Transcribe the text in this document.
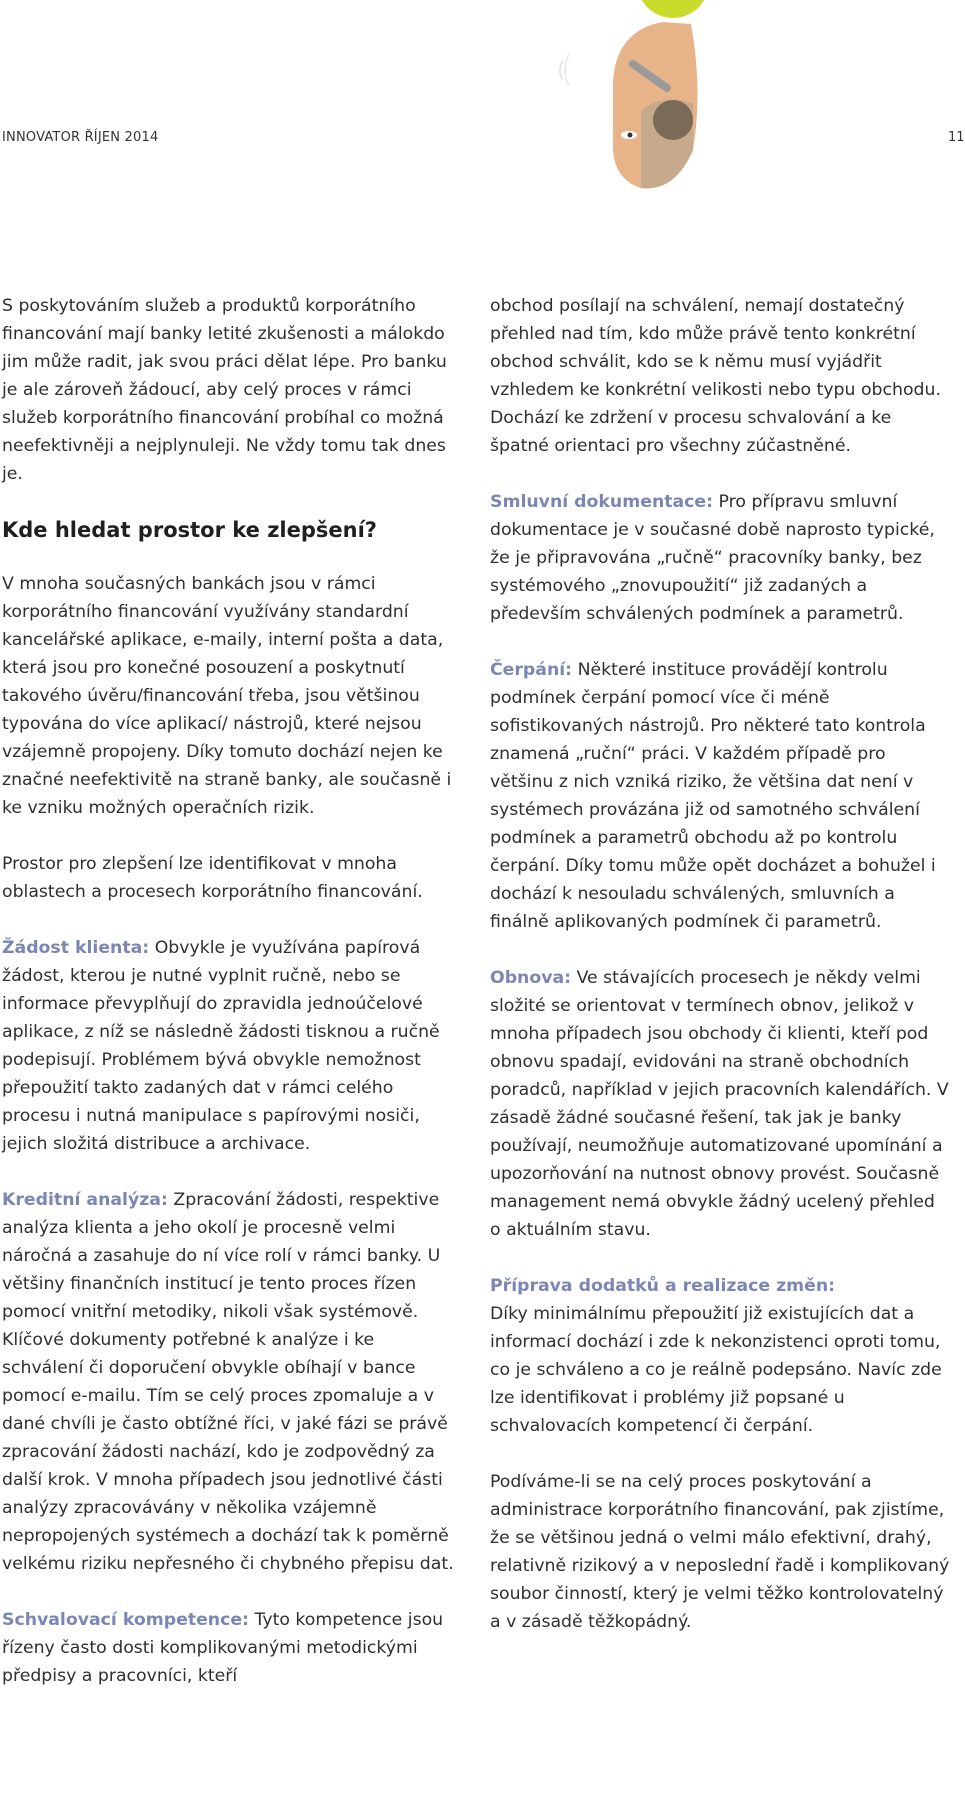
INNOVATOR ŘÍJEN 2014	11

S poskytováním služeb a produktů korporátního financování mají banky letité zkušenosti a málokdo jim může radit, jak svou práci dělat lépe. Pro banku je ale zároveň žádoucí, aby celý proces v rámci služeb korporátního financování probíhal co možná neefektivněji a nejplynuleji. Ne vždy tomu tak dnes je.

Kde hledat prostor ke zlepšení?

V mnoha současných bankách jsou v rámci korporátního financování využívány standardní kancelářské aplikace, e-maily, interní pošta a data, která jsou pro konečné posouzení a poskytnutí takového úvěru/financování třeba, jsou většinou typována do více aplikací/ nástrojů, které nejsou vzájemně propojeny. Díky tomuto dochází nejen ke značné neefektivitě na straně banky, ale současně i ke vzniku možných operačních rizik.

Prostor pro zlepšení lze identifikovat v mnoha oblastech a procesech korporátního financování.

Žádost klienta: Obvykle je využívána papírová žádost, kterou je nutné vyplnit ručně, nebo se informace převyplňují do zpravidla jednoúčelové aplikace, z níž se následně žádosti tisknou a ručně podepisují. Problémem bývá obvykle nemožnost přepoužití takto zadaných dat v rámci celého procesu i nutná manipulace s papírovými nosiči, jejich složitá distribuce a archivace.

Kreditní analýza: Zpracování žádosti, respektive analýza klienta a jeho okolí je procesně velmi náročná a zasahuje do ní více rolí v rámci banky. U většiny finančních institucí je tento proces řízen pomocí vnitřní metodiky, nikoli však systémově. Klíčové dokumenty potřebné k analýze i ke schválení či doporučení obvykle obíhají v bance pomocí e-mailu. Tím se celý proces zpomaluje a v dané chvíli je často obtížné říci, v jaké fázi se právě zpracování žádosti nachází, kdo je zodpovědný za další krok. V mnoha případech jsou jednotlivé části analýzy zpracovávány v několika vzájemně nepropojených systémech a dochází tak k poměrně velkému riziku nepřesného či chybného přepisu dat.

Schvalovací kompetence: Tyto kompetence jsou řízeny často dosti komplikovanými metodickými předpisy a pracovníci, kteří

obchod posílají na schválení, nemají dostatečný přehled nad tím, kdo může právě tento konkrétní obchod schválit, kdo se k němu musí vyjádřit vzhledem ke konkrétní velikosti nebo typu obchodu. Dochází ke zdržení v procesu schvalování a ke špatné orientaci pro všechny zúčastněné.

Smluvní dokumentace: Pro přípravu smluvní dokumentace je v současné době naprosto typické, že je připravována „ručně“ pracovníky banky, bez systémového „znovupoužití“ již zadaných a především schválených podmínek a parametrů.

Čerpání: Některé instituce provádějí kontrolu podmínek čerpání pomocí více či méně sofistikovaných nástrojů. Pro některé tato kontrola znamená „ruční“ práci. V každém případě pro většinu z nich vzniká riziko, že většina dat není v systémech provázána již od samotného schválení podmínek a parametrů obchodu až po kontrolu čerpání. Díky tomu může opět docházet a bohužel i dochází k nesouladu schválených, smluvních a finálně aplikovaných podmínek či parametrů.

Obnova: Ve stávajících procesech je někdy velmi složité se orientovat v termínech obnov, jelikož v mnoha případech jsou obchody či klienti, kteří pod obnovu spadají, evidováni na straně obchodních poradců, například v jejich pracovních kalendářích. V zásadě žádné současné řešení, tak jak je banky používají, neumožňuje automatizované upomínání a upozorňování na nutnost obnovy provést. Současně management nemá obvykle žádný ucelený přehled o aktuálním stavu.

Příprava dodatků a realizace změn:
Díky minimálnímu přepoužití již existujících dat a informací dochází i zde k nekonzistenci oproti tomu, co je schváleno a co je reálně podepsáno. Navíc zde lze identifikovat i problémy již popsané u schvalovacích kompetencí či čerpání.

Podíváme-li se na celý proces poskytování a administrace korporátního financování, pak zjistíme, že se většinou jedná o velmi málo efektivní, drahý, relativně rizikový a v neposlední řadě i komplikovaný soubor činností, který je velmi těžko kontrolovatelný a v zásadě těžkopádný.
